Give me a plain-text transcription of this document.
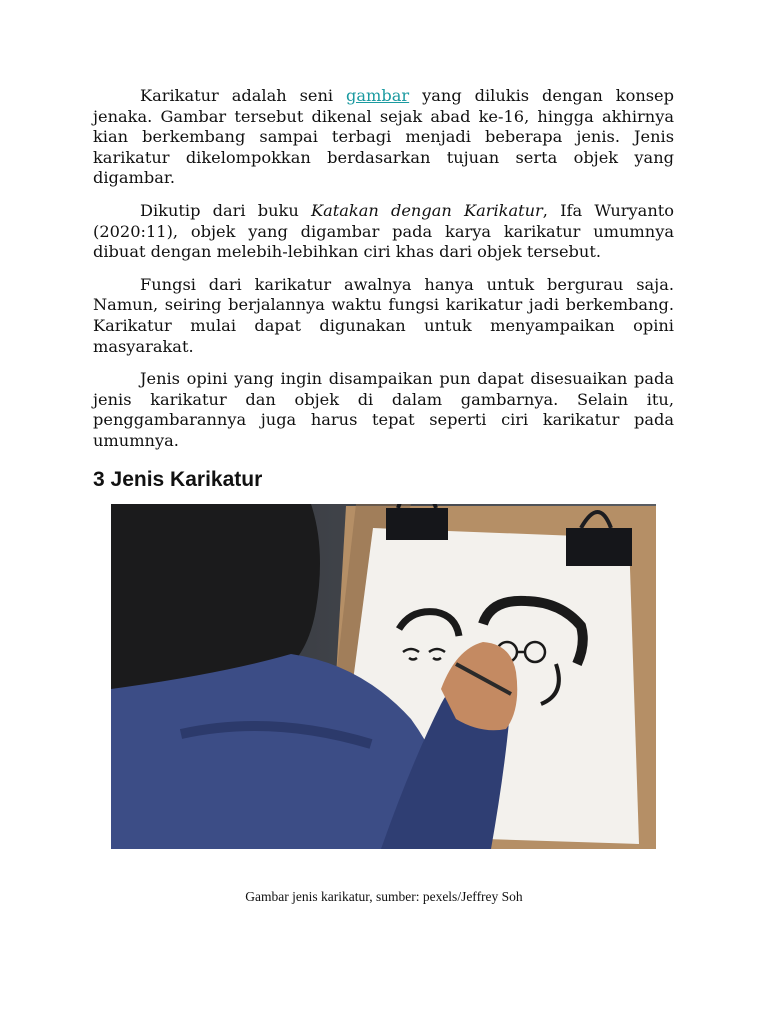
Karikatur adalah seni gambar yang dilukis dengan konsep jenaka. Gambar tersebut dikenal sejak abad ke-16, hingga akhirnya kian berkembang sampai terbagi menjadi beberapa jenis. Jenis karikatur dikelompokkan berdasarkan tujuan serta objek yang digambar.

Dikutip dari buku Katakan dengan Karikatur, Ifa Wuryanto (2020:11), objek yang digambar pada karya karikatur umumnya dibuat dengan melebih-lebihkan ciri khas dari objek tersebut.

Fungsi dari karikatur awalnya hanya untuk bergurau saja. Namun, seiring berjalannya waktu fungsi karikatur jadi berkembang. Karikatur mulai dapat digunakan untuk menyampaikan opini masyarakat.

Jenis opini yang ingin disampaikan pun dapat disesuaikan pada jenis karikatur dan objek di dalam gambarnya. Selain itu, penggambarannya juga harus tepat seperti ciri karikatur pada umumnya.

3 Jenis Karikatur
Gambar jenis karikatur, sumber: pexels/Jeffrey Soh
